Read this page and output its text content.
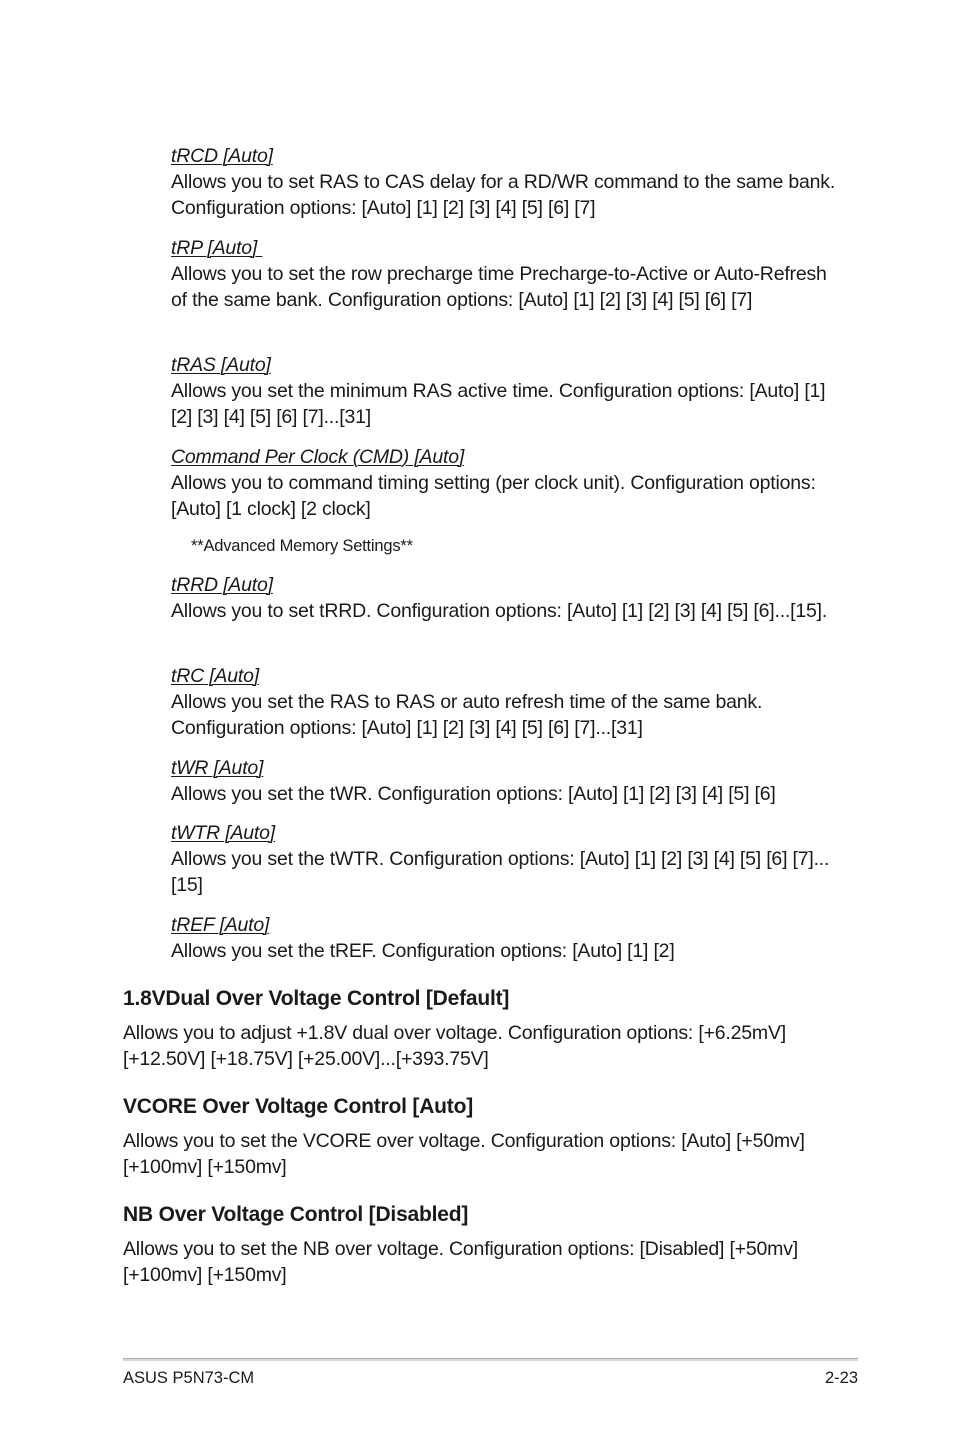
tRCD [Auto]
Allows you to set RAS to CAS delay for a RD/WR command to the same bank. Configuration options: [Auto] [1] [2] [3] [4] [5] [6] [7]
tRP [Auto]
Allows you to set the row precharge time Precharge-to-Active or Auto-Refresh of the same bank. Configuration options: [Auto] [1] [2] [3] [4] [5] [6] [7]
tRAS [Auto]
Allows you set the minimum RAS active time. Configuration options: [Auto] [1] [2] [3] [4] [5] [6] [7]...[31]
Command Per Clock (CMD) [Auto]
Allows you to command timing setting (per clock unit). Configuration options: [Auto] [1 clock] [2 clock]
**Advanced Memory Settings**
tRRD [Auto]
Allows you to set tRRD. Configuration options: [Auto] [1] [2] [3] [4] [5] [6]...[15].
tRC [Auto]
Allows you set the RAS to RAS or auto refresh time of the same bank. Configuration options: [Auto] [1] [2] [3] [4] [5] [6] [7]...[31]
tWR [Auto]
Allows you set the tWR. Configuration options: [Auto] [1] [2] [3] [4] [5] [6]
tWTR [Auto]
Allows you set the tWTR. Configuration options: [Auto] [1] [2] [3] [4] [5] [6] [7]...[15]
tREF [Auto]
Allows you set the tREF. Configuration options: [Auto] [1] [2]
1.8VDual Over Voltage Control [Default]
Allows you to adjust +1.8V dual over voltage. Configuration options: [+6.25mV] [+12.50V] [+18.75V] [+25.00V]...[+393.75V]
VCORE Over Voltage Control [Auto]
Allows you to set the VCORE over voltage. Configuration options: [Auto] [+50mv] [+100mv] [+150mv]
NB Over Voltage Control [Disabled]
Allows you to set the NB over voltage. Configuration options: [Disabled] [+50mv] [+100mv] [+150mv]
ASUS P5N73-CM	2-23
